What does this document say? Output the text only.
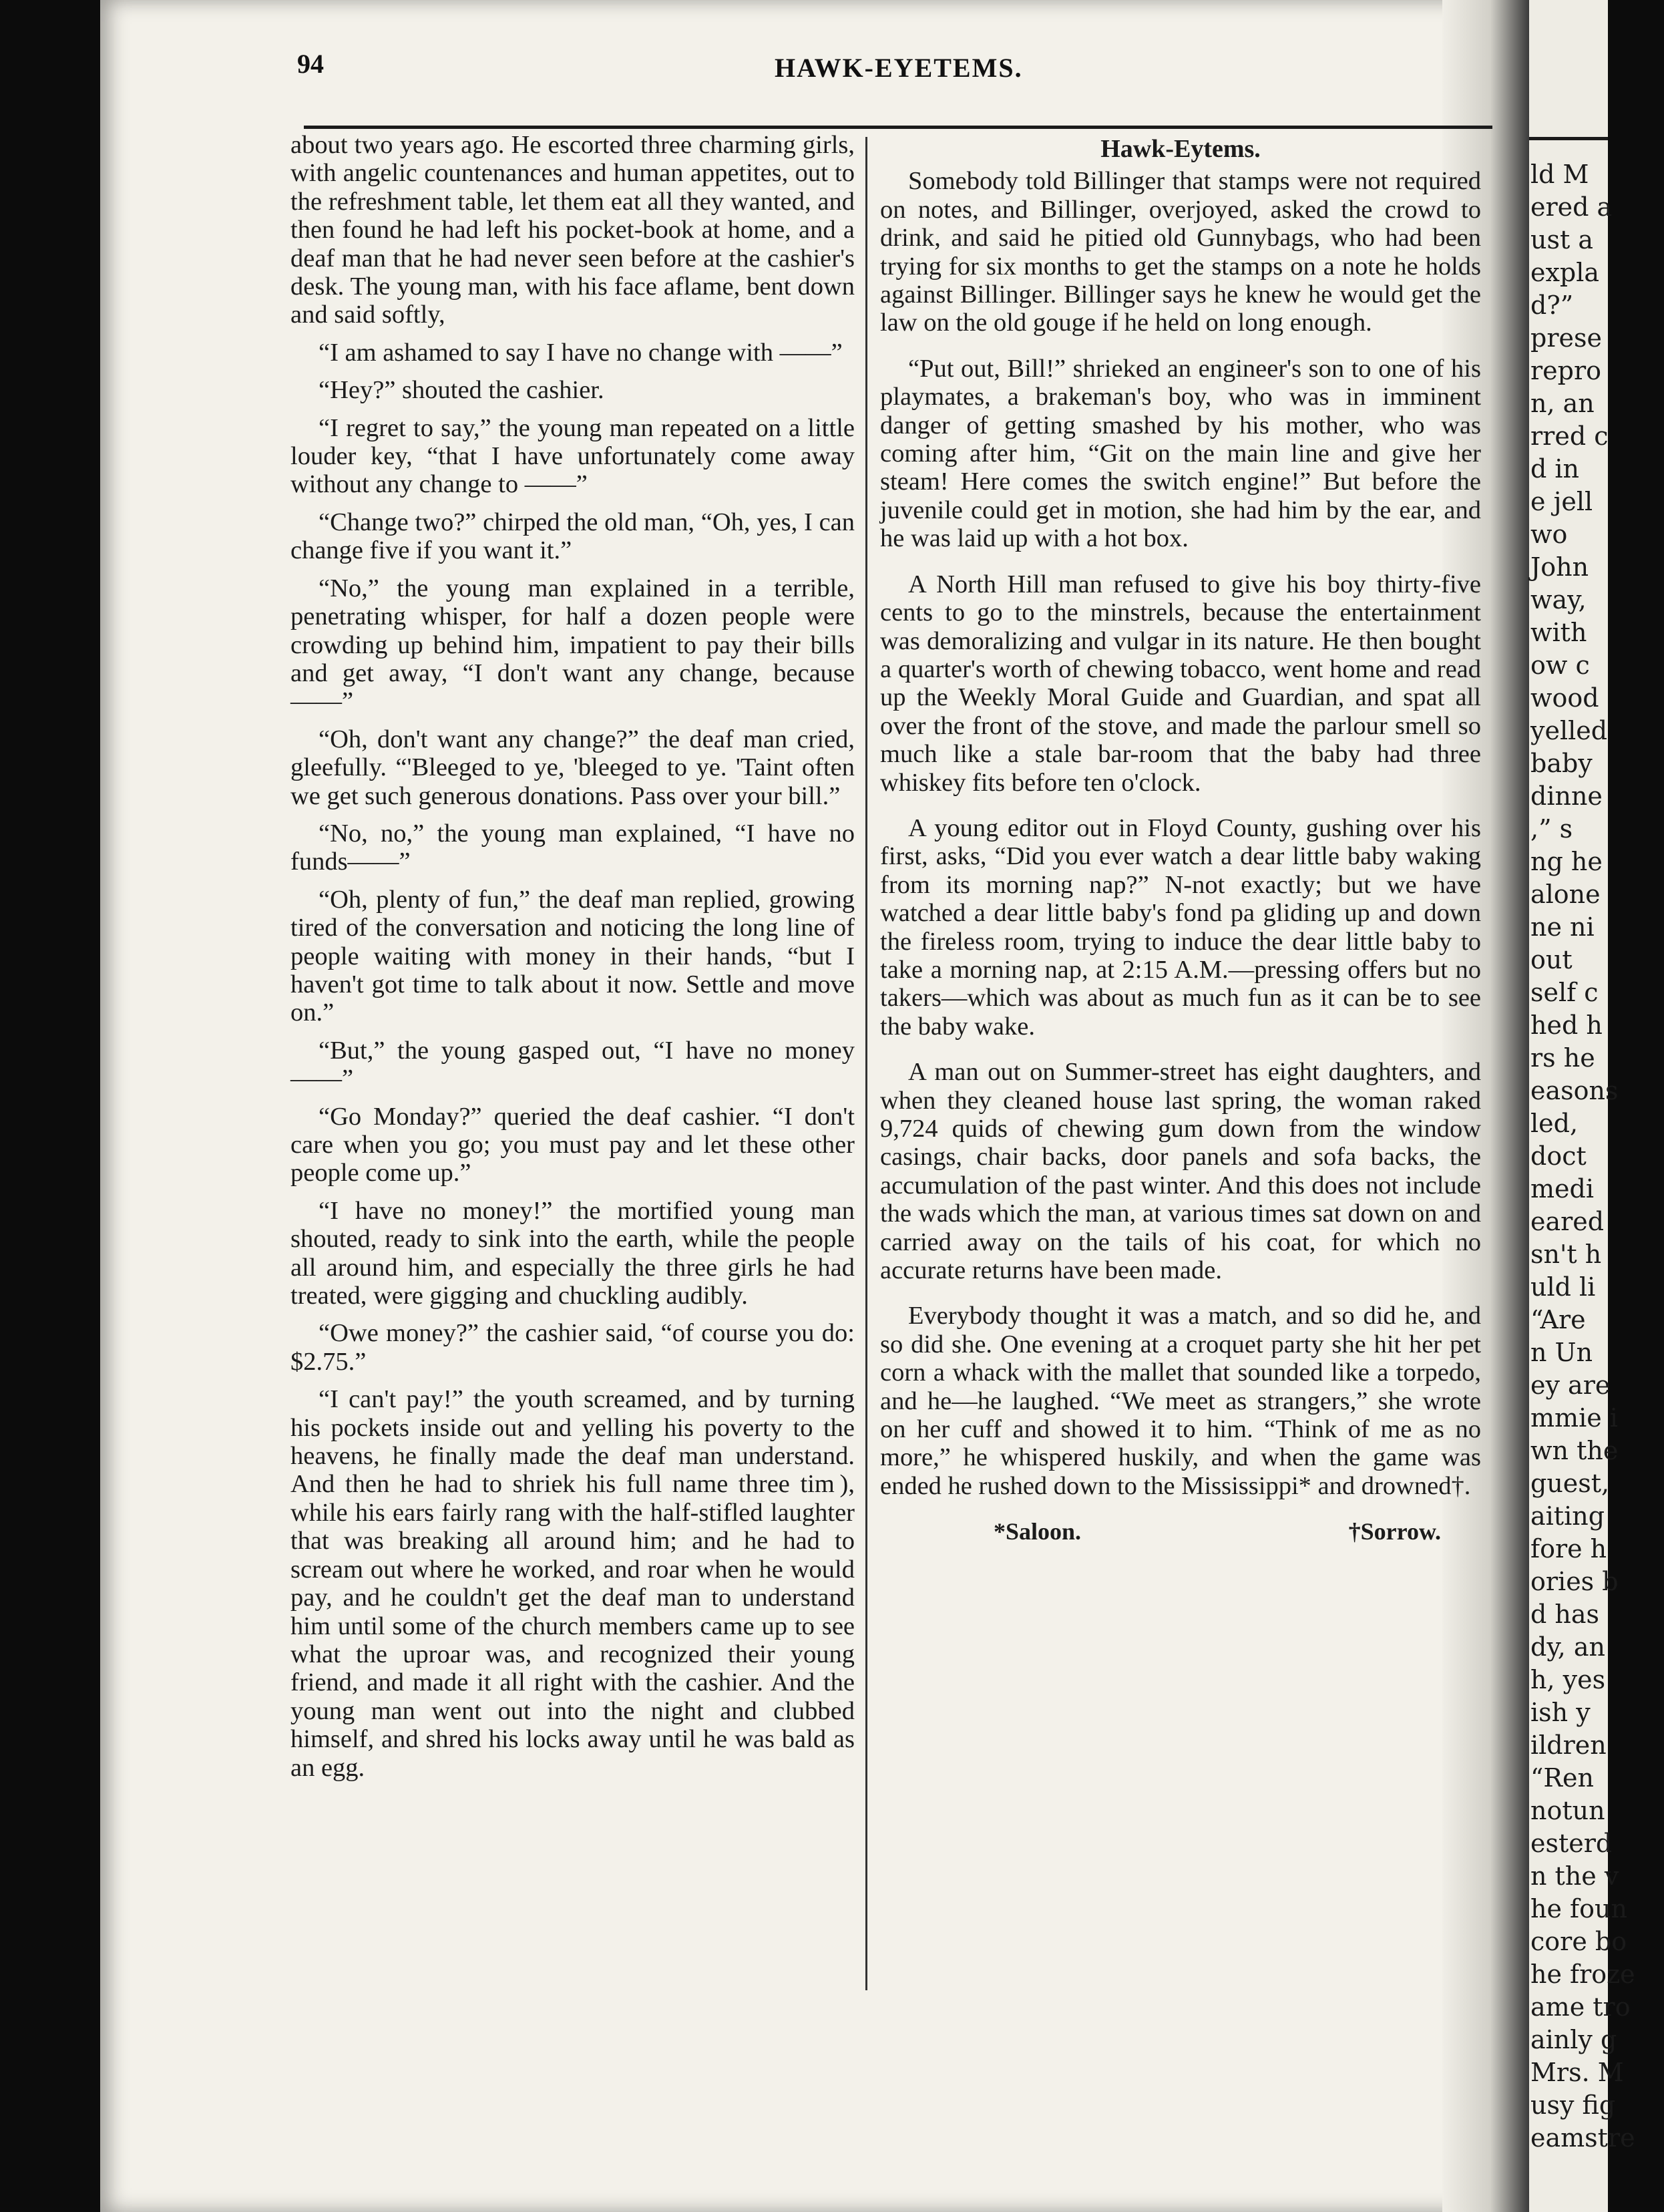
ld M
ered a
ust a
expla
d?”
prese
repro
n, an
rred c
d in
e jell
wo
John
way,
with
ow c
wood
yelled
baby
dinne
,” s
ng he
alone
ne ni
out
self c
hed h
rs he
easons
led,
doct
medi
eared
sn't h
uld li
“Are
n Un
ey are
mmie i
wn the
guest,
aiting
fore h
ories b
d has
dy, an
h, yes
ish y
ildren
“Ren
notun
esterd
n the v
he foun
core bo
he froze
ame tro
ainly g
Mrs. M
usy fig
eamstre
94	HAWK-EYETEMS.

about two years ago. He escorted three charming girls, with angelic countenances and human appetites, out to the refreshment table, let them eat all they wanted, and then found he had left his pocket-book at home, and a deaf man that he had never seen before at the cashier's desk. The young man, with his face aflame, bent down and said softly,

“I am ashamed to say I have no change with ——”

“Hey?” shouted the cashier.

“I regret to say,” the young man repeated on a little louder key, “that I have unfortunately come away without any change to ——”

“Change two?” chirped the old man, “Oh, yes, I can change five if you want it.”

“No,” the young man explained in a terrible, penetrating whisper, for half a dozen people were crowding up behind him, impatient to pay their bills and get away, “I don't want any change, because ——”

“Oh, don't want any change?” the deaf man cried, gleefully. “'Bleeged to ye, 'bleeged to ye. 'Taint often we get such generous donations. Pass over your bill.”

“No, no,” the young man explained, “I have no funds——”

“Oh, plenty of fun,” the deaf man replied, growing tired of the conversation and noticing the long line of people waiting with money in their hands, “but I haven't got time to talk about it now. Settle and move on.”

“But,” the young gasped out, “I have no money——”

“Go Monday?” queried the deaf cashier. “I don't care when you go; you must pay and let these other people come up.”

“I have no money!” the mortified young man shouted, ready to sink into the earth, while the people all around him, and especially the three girls he had treated, were gigging and chuckling audibly.

“Owe money?” the cashier said, “of course you do: $2.75.”

“I can't pay!” the youth screamed, and by turning his pockets inside out and yelling his poverty to the heavens, he finally made the deaf man understand. And then he had to shriek his full name three tim ), while his ears fairly rang with the half-stifled laughter that was breaking all around him; and he had to scream out where he worked, and roar when he would pay, and he couldn't get the deaf man to understand him until some of the church members came up to see what the uproar was, and recognized their young friend, and made it all right with the cashier. And the young man went out into the night and clubbed himself, and shred his locks away until he was bald as an egg.

Hawk-Eytems.

Somebody told Billinger that stamps were not required on notes, and Billinger, overjoyed, asked the crowd to drink, and said he pitied old Gunnybags, who had been trying for six months to get the stamps on a note he holds against Billinger. Billinger says he knew he would get the law on the old gouge if he held on long enough.

“Put out, Bill!” shrieked an engineer's son to one of his playmates, a brakeman's boy, who was in imminent danger of getting smashed by his mother, who was coming after him, “Git on the main line and give her steam! Here comes the switch engine!” But before the juvenile could get in motion, she had him by the ear, and he was laid up with a hot box.

A North Hill man refused to give his boy thirty-five cents to go to the minstrels, because the entertainment was demoralizing and vulgar in its nature. He then bought a quarter's worth of chewing tobacco, went home and read up the Weekly Moral Guide and Guardian, and spat all over the front of the stove, and made the parlour smell so much like a stale bar-room that the baby had three whiskey fits before ten o'clock.

A young editor out in Floyd County, gushing over his first, asks, “Did you ever watch a dear little baby waking from its morning nap?” N-not exactly; but we have watched a dear little baby's fond pa gliding up and down the fireless room, trying to induce the dear little baby to take a morning nap, at 2:15 A.M.—pressing offers but no takers—which was about as much fun as it can be to see the baby wake.

A man out on Summer-street has eight daughters, and when they cleaned house last spring, the woman raked 9,724 quids of chewing gum down from the window casings, chair backs, door panels and sofa backs, the accumulation of the past winter. And this does not include the wads which the man, at various times sat down on and carried away on the tails of his coat, for which no accurate returns have been made.

Everybody thought it was a match, and so did he, and so did she. One evening at a croquet party she hit her pet corn a whack with the mallet that sounded like a torpedo, and he—he laughed. “We meet as strangers,” she wrote on her cuff and showed it to him. “Think of me as no more,” he whispered huskily, and when the game was ended he rushed down to the Mississippi* and drowned†.

*Saloon.	†Sorrow.
